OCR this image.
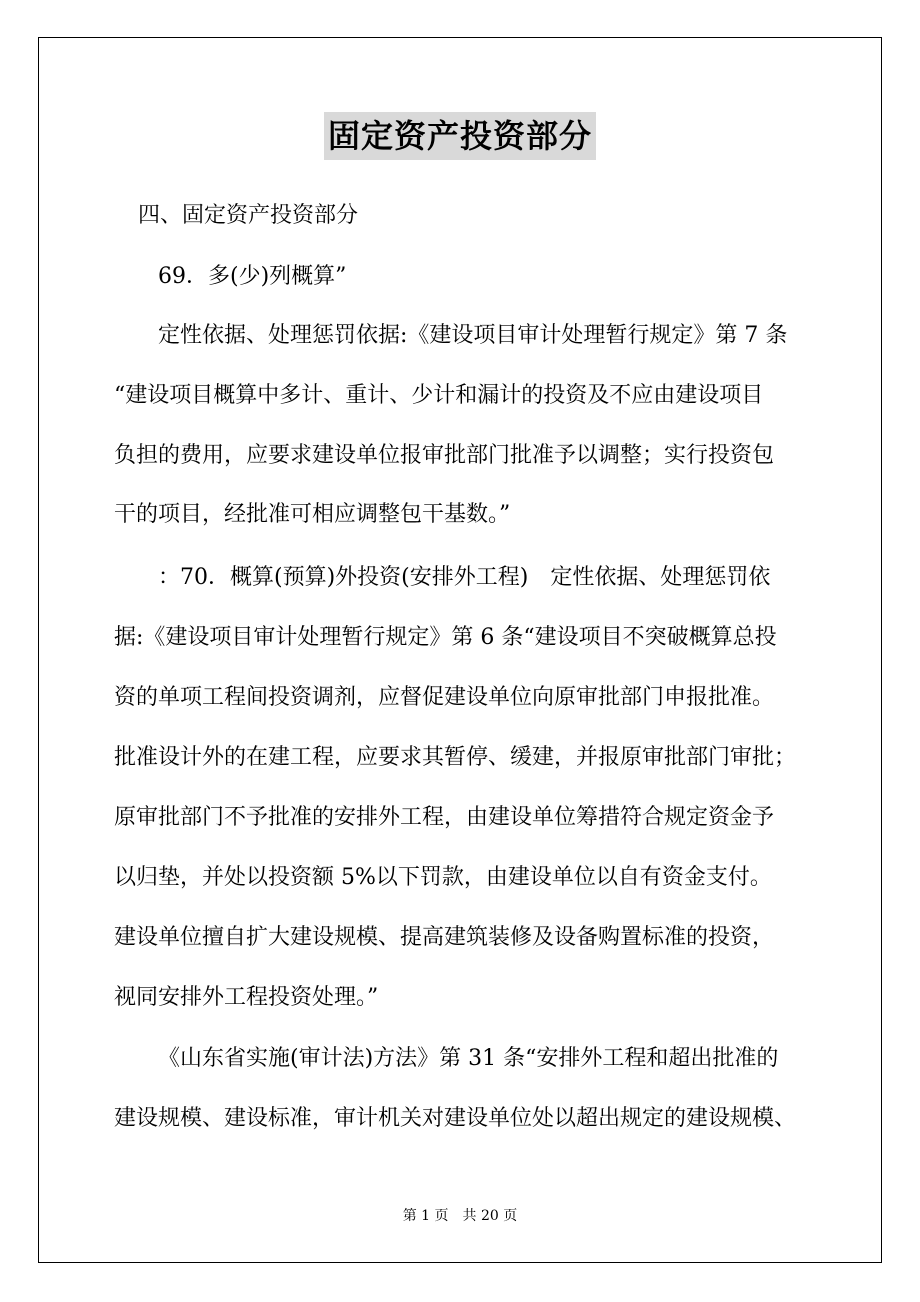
固定资产投资部分
四、固定资产投资部分
69．多(少)列概算”
定性依据、处理惩罚依据:《建设项目审计处理暂行规定》第 7 条
“建设项目概算中多计、重计、少计和漏计的投资及不应由建设项目
负担的费用，应要求建设单位报审批部门批准予以调整；实行投资包
干的项目，经批准可相应调整包干基数。”
：70．概算(预算)外投资(安排外工程)　定性依据、处理惩罚依
据:《建设项目审计处理暂行规定》第 6 条“建设项目不突破概算总投
资的单项工程间投资调剂，应督促建设单位向原审批部门申报批准。
批准设计外的在建工程，应要求其暂停、缓建，并报原审批部门审批；
原审批部门不予批准的安排外工程，由建设单位筹措符合规定资金予
以归垫，并处以投资额 5%以下罚款，由建设单位以自有资金支付。
建设单位擅自扩大建设规模、提高建筑装修及设备购置标准的投资，
视同安排外工程投资处理。”
《山东省实施(审计法)方法》第 31 条“安排外工程和超出批准的
建设规模、建设标准，审计机关对建设单位处以超出规定的建设规模、
第 1 页　共 20 页
